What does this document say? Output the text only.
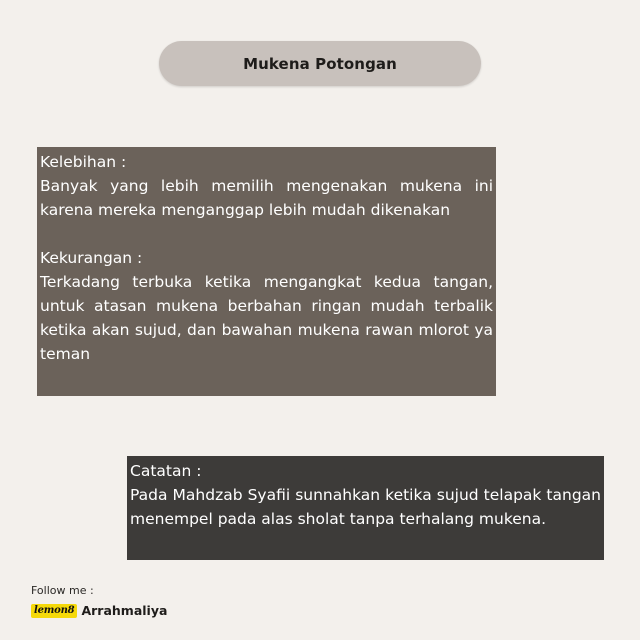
Mukena Potongan
Kelebihan :
Banyak yang lebih memilih mengenakan mukena ini karena mereka menganggap lebih mudah dikenakan
Kekurangan :
Terkadang terbuka ketika mengangkat kedua tangan, untuk atasan mukena berbahan ringan mudah terbalik ketika akan sujud, dan bawahan mukena rawan mlorot ya teman
Catatan :
Pada Mahdzab Syafii sunnahkan ketika sujud telapak tangan menempel pada alas sholat tanpa terhalang mukena.
Follow me :
lemon8 Arrahmaliya
